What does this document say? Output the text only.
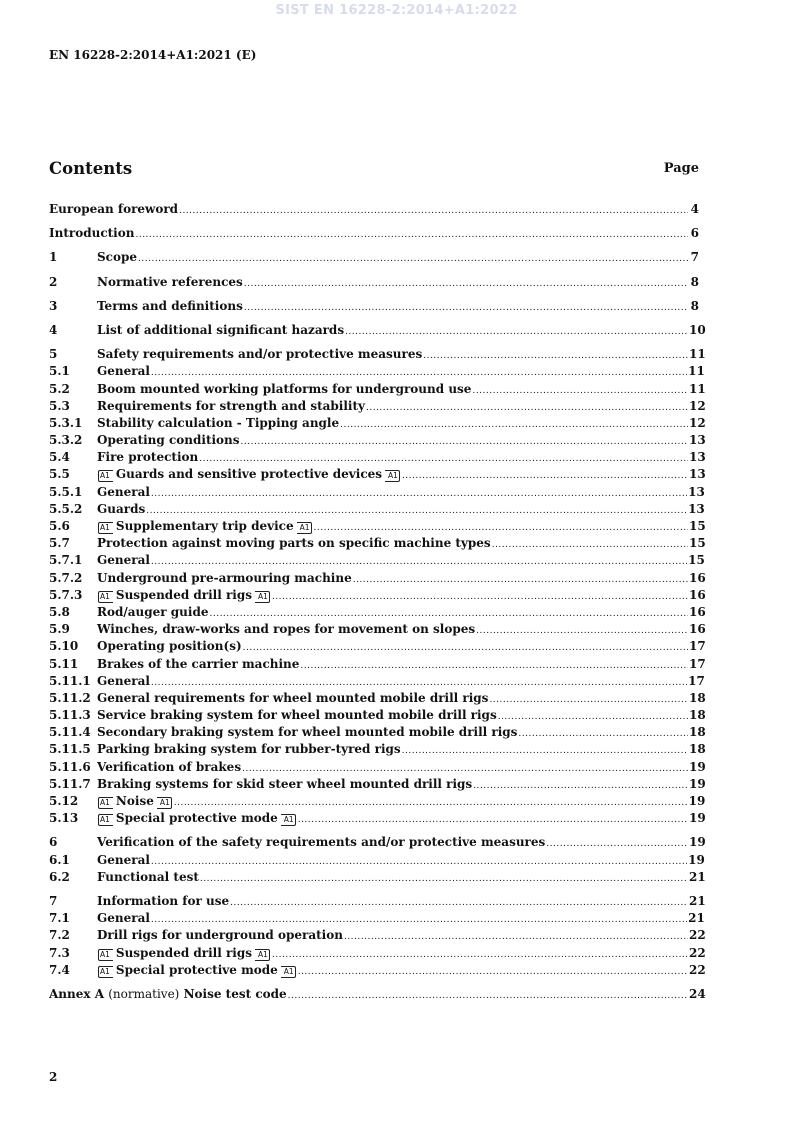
SIST EN 16228-2:2014+A1:2022
EN 16228-2:2014+A1:2021 (E)
Contents	Page
European foreword .....	4
Introduction .....	6
1	Scope .....	7
2	Normative references .....	8
3	Terms and definitions .....	8
4	List of additional significant hazards .....	10
5	Safety requirements and/or protective measures .....	11
5.1	General .....	11
5.2	Boom mounted working platforms for underground use .....	11
5.3	Requirements for strength and stability .....	12
5.3.1	Stability calculation - Tipping angle .....	12
5.3.2	Operating conditions .....	13
5.4	Fire protection .....	13
5.5	A1 Guards and sensitive protective devices A1 .....	13
5.5.1	General .....	13
5.5.2	Guards .....	13
5.6	A1 Supplementary trip device A1 .....	15
5.7	Protection against moving parts on specific machine types .....	15
5.7.1	General .....	15
5.7.2	Underground pre-armouring machine .....	16
5.7.3	A1 Suspended drill rigs A1 .....	16
5.8	Rod/auger guide .....	16
5.9	Winches, draw-works and ropes for movement on slopes .....	16
5.10	Operating position(s) .....	17
5.11	Brakes of the carrier machine .....	17
5.11.1 General .....	17
5.11.2 General requirements for wheel mounted mobile drill rigs .....	18
5.11.3 Service braking system for wheel mounted mobile drill rigs .....	18
5.11.4 Secondary braking system for wheel mounted mobile drill rigs .....	18
5.11.5 Parking braking system for rubber-tyred rigs .....	18
5.11.6 Verification of brakes .....	19
5.11.7 Braking systems for skid steer wheel mounted drill rigs .....	19
5.12	A1 Noise A1 .....	19
5.13	A1 Special protective mode A1 .....	19
6	Verification of the safety requirements and/or protective measures .....	19
6.1	General .....	19
6.2	Functional test .....	21
7	Information for use .....	21
7.1	General .....	21
7.2	Drill rigs for underground operation .....	22
7.3	A1 Suspended drill rigs A1 .....	22
7.4	A1 Special protective mode A1 .....	22
Annex A (normative) Noise test code .....	24
2
